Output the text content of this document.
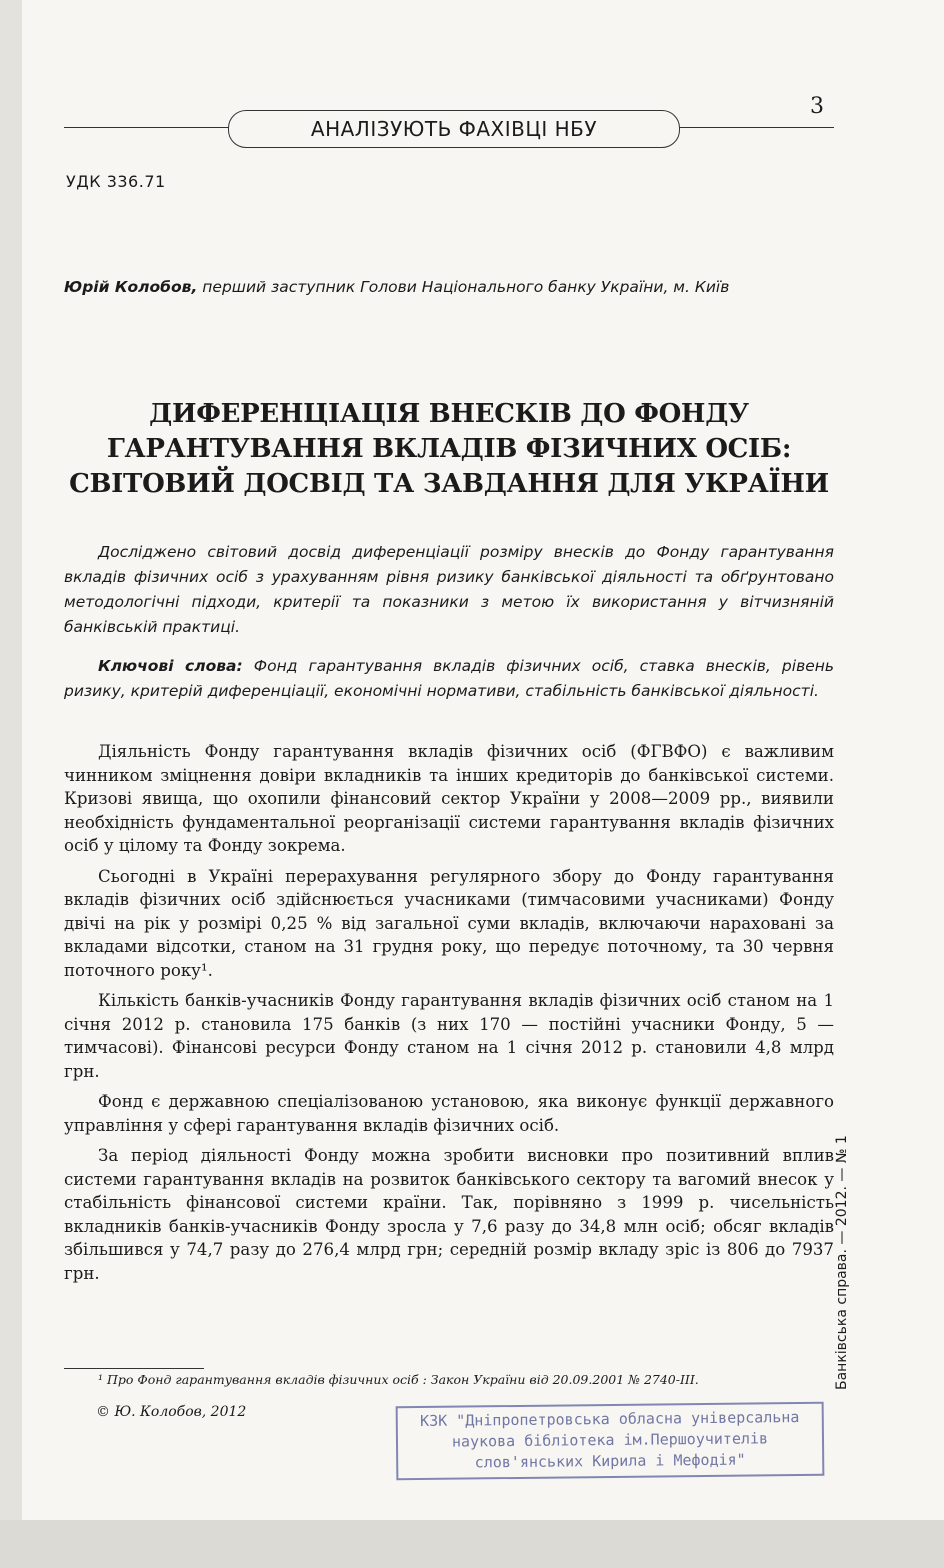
АНАЛІЗУЮТЬ ФАХІВЦІ НБУ
3
УДК 336.71
Юрій Колобов, перший заступник Голови Національного банку України, м. Київ
ДИФЕРЕНЦІАЦІЯ ВНЕСКІВ ДО ФОНДУ ГАРАНТУВАННЯ ВКЛАДІВ ФІЗИЧНИХ ОСІБ: СВІТОВИЙ ДОСВІД ТА ЗАВДАННЯ ДЛЯ УКРАЇНИ
Досліджено світовий досвід диференціації розміру внесків до Фонду гарантування вкладів фізичних осіб з урахуванням рівня ризику банківської діяльності та обґрунтовано методологічні підходи, критерії та показники з метою їх використання у вітчизняній банківській практиці.
Ключові слова: Фонд гарантування вкладів фізичних осіб, ставка внесків, рівень ризику, критерій диференціації, економічні нормативи, стабільність банківської діяльності.

Діяльність Фонду гарантування вкладів фізичних осіб (ФГВФО) є важливим чинником зміцнення довіри вкладників та інших кредиторів до банківської системи. Кризові явища, що охопили фінансовий сектор України у 2008—2009 рр., виявили необхідність фундаментальної реорганізації системи гарантування вкладів фізичних осіб у цілому та Фонду зокрема.

Сьогодні в Україні перерахування регулярного збору до Фонду гарантування вкладів фізичних осіб здійснюється учасниками (тимчасовими учасниками) Фонду двічі на рік у розмірі 0,25 % від загальної суми вкладів, включаючи нараховані за вкладами відсотки, станом на 31 грудня року, що передує поточному, та 30 червня поточного року¹.

Кількість банків-учасників Фонду гарантування вкладів фізичних осіб станом на 1 січня 2012 р. становила 175 банків (з них 170 — постійні учасники Фонду, 5 — тимчасові). Фінансові ресурси Фонду станом на 1 січня 2012 р. становили 4,8 млрд грн.

Фонд є державною спеціалізованою установою, яка виконує функції державного управління у сфері гарантування вкладів фізичних осіб.

За період діяльності Фонду можна зробити висновки про позитивний вплив системи гарантування вкладів на розвиток банківського сектору та вагомий внесок у стабільність фінансової системи країни. Так, порівняно з 1999 р. чисельність вкладників банків-учасників Фонду зросла у 7,6 разу до 34,8 млн осіб; обсяг вкладів збільшився у 74,7 разу до 276,4 млрд грн; середній розмір вкладу зріс із 806 до 7937 грн.

¹ Про Фонд гарантування вкладів фізичних осіб : Закон України від 20.09.2001 № 2740-III.
© Ю. Колобов, 2012	КЗК "Дніпропетровська обласна універсальна
наукова бібліотека ім.Першоучителів
слов'янських Кирила і Мефодія"
Банківська справа. — 2012. — № 1
